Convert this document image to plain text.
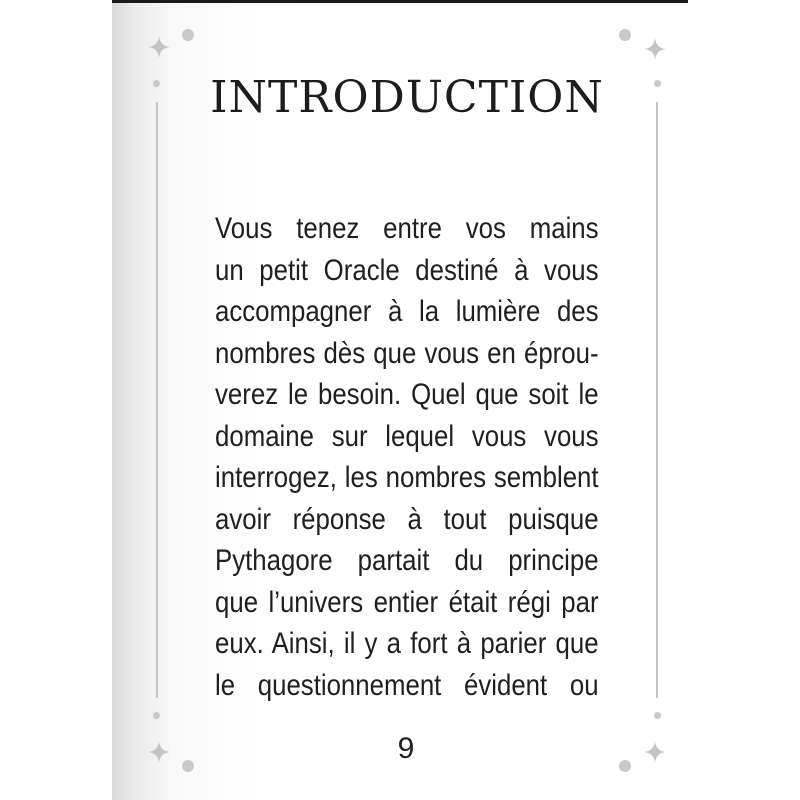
INTRODUCTION
Vous tenez entre vos mains
un petit Oracle destiné à vous
accompagner à la lumière des
nombres dès que vous en éprou-
verez le besoin. Quel que soit le
domaine sur lequel vous vous
interrogez, les nombres semblent
avoir réponse à tout puisque
Pythagore partait du principe
que l’univers entier était régi par
eux. Ainsi, il y a fort à parier que
le questionnement évident ou
9
